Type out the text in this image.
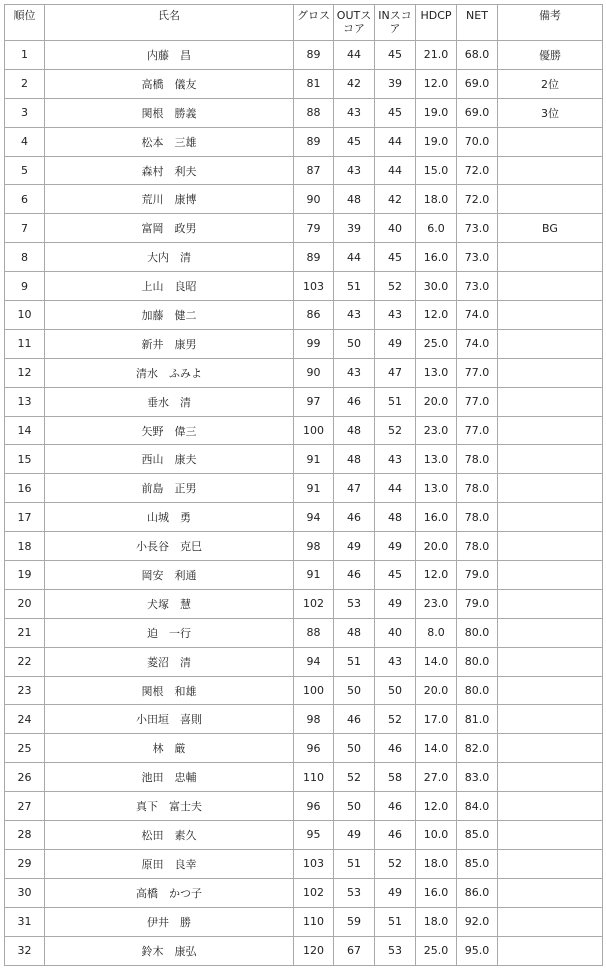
順位	氏名	グロス	OUTスコア	INスコア	HDCP	NET	備考
1	内藤　昌	89	44	45	21.0	68.0	優勝
2	高橋　儀友	81	42	39	12.0	69.0	2位
3	関根　勝義	88	43	45	19.0	69.0	3位
4	松本　三雄	89	45	44	19.0	70.0	
5	森村　利夫	87	43	44	15.0	72.0	
6	荒川　康博	90	48	42	18.0	72.0	
7	富岡　政男	79	39	40	6.0	73.0	BG
8	大内　清	89	44	45	16.0	73.0	
9	上山　良昭	103	51	52	30.0	73.0	
10	加藤　健二	86	43	43	12.0	74.0	
11	新井　康男	99	50	49	25.0	74.0	
12	清水　ふみよ	90	43	47	13.0	77.0	
13	垂水　清	97	46	51	20.0	77.0	
14	矢野　偉三	100	48	52	23.0	77.0	
15	西山　康夫	91	48	43	13.0	78.0	
16	前島　正男	91	47	44	13.0	78.0	
17	山城　勇	94	46	48	16.0	78.0	
18	小長谷　克巳	98	49	49	20.0	78.0	
19	岡安　利通	91	46	45	12.0	79.0	
20	犬塚　慧	102	53	49	23.0	79.0	
21	迫　一行	88	48	40	8.0	80.0	
22	菱沼　清	94	51	43	14.0	80.0	
23	関根　和雄	100	50	50	20.0	80.0	
24	小田垣　喜則	98	46	52	17.0	81.0	
25	林　厳	96	50	46	14.0	82.0	
26	池田　忠輔	110	52	58	27.0	83.0	
27	真下　富士夫	96	50	46	12.0	84.0	
28	松田　素久	95	49	46	10.0	85.0	
29	原田　良幸	103	51	52	18.0	85.0	
30	高橋　かつ子	102	53	49	16.0	86.0	
31	伊井　勝	110	59	51	18.0	92.0	
32	鈴木　康弘	120	67	53	25.0	95.0	
